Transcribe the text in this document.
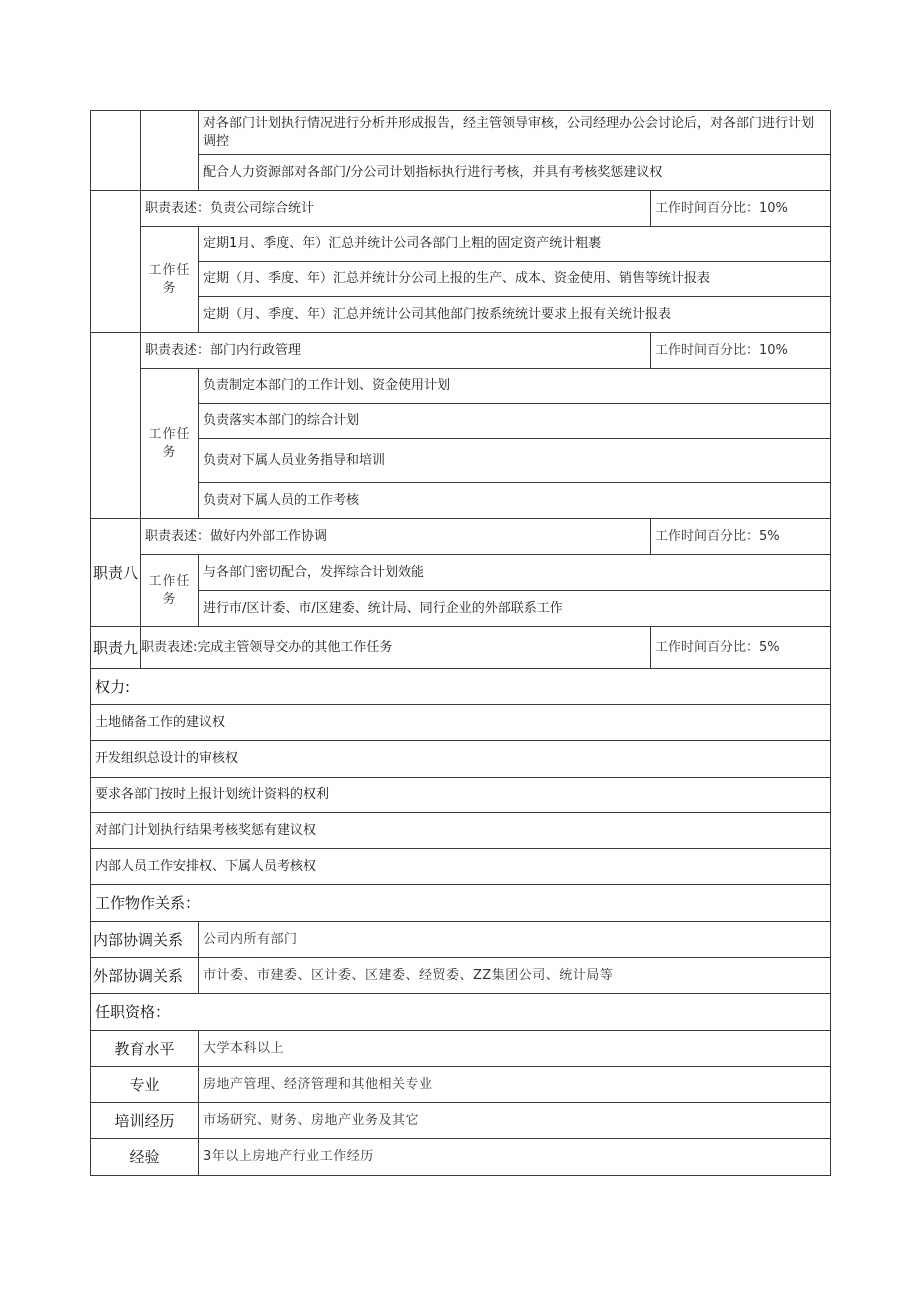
		对各部门计划执行情况进行分析并形成报告，经主管领导审核，公司经理办公会讨论后，对各部门进行计划调控	
		配合人力资源部对各部门/分公司计划指标执行进行考核，并具有考核奖惩建议权	
	职责表述：负责公司综合统计		工作时间百分比：10%
	工作任务	定期1月、季度、年）汇总并统计公司各部门上粗的固定资产统计粗裹	
		定期（月、季度、年）汇总并统计分公司上报的生产、成本、资金使用、销售等统计报表	
		定期（月、季度、年）汇总并统计公司其他部门按系统统计要求上报有关统计报表	
	职责表述：部门内行政管理		工作时间百分比：10%
	工作任务	负责制定本部门的工作计划、资金使用计划	
		负责落实本部门的综合计划	
		负责对下属人员业务指导和培训	
		负责对下属人员的工作考核	
职责八	职责表述：做好内外部工作协调		工作时间百分比：5%
	工作任务	与各部门密切配合，发挥综合计划效能	
		进行市/区计委、市/区建委、统计局、同行企业的外部联系工作	
职责九	职责表述:完成主管领导交办的其他工作任务		工作时间百分比：5%
权力:			
土地储备工作的建议权			
开发组织总设计的审核权			
要求各部门按时上报计划统计资料的权利			
对部门计划执行结果考核奖惩有建议权			
内部人员工作安排权、下属人员考核权			
工作物作关系：			
内部协调关系		公司内所有部门	
外部协调关系		市计委、市建委、区计委、区建委、经贸委、ZZ集团公司、统计局等	
任职资格：			
教育水平		大学本科以上	
专业		房地产管理、经济管理和其他相关专业	
培训经历		市场研究、财务、房地产业务及其它	
经验		3年以上房地产行业工作经历	
